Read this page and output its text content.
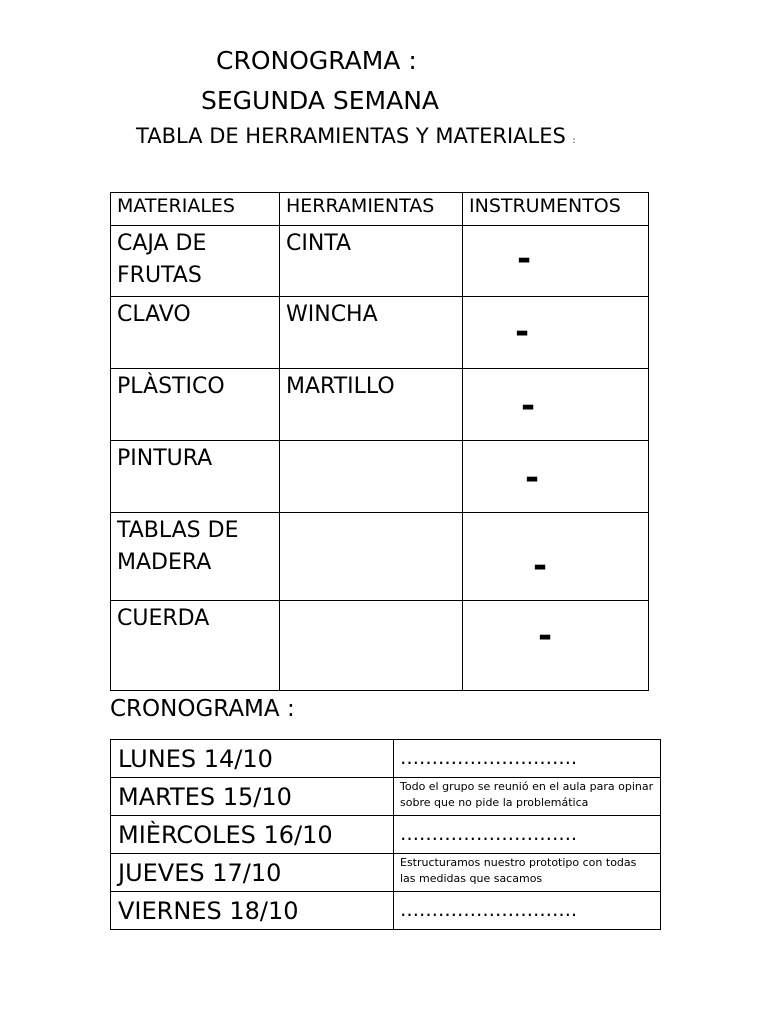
CRONOGRAMA :
SEGUNDA SEMANA
TABLA DE HERRAMIENTAS Y MATERIALES :
MATERIALES	HERRAMIENTAS	INSTRUMENTOS
CAJA DE FRUTAS	CINTA	-

CLAVO	WINCHA	-

PLÀSTICO	MARTILLO	-

PINTURA		-

TABLAS DE MADERA		-

CUERDA		-
CRONOGRAMA :
LUNES 14/10	……………………….
MARTES 15/10	Todo el grupo se reunió en el aula para opinar sobre que no pide la problemática

MIÈRCOLES 16/10	……………………….
JUEVES 17/10	Estructuramos nuestro prototipo con todas las medidas que sacamos

VIERNES 18/10	……………………….
